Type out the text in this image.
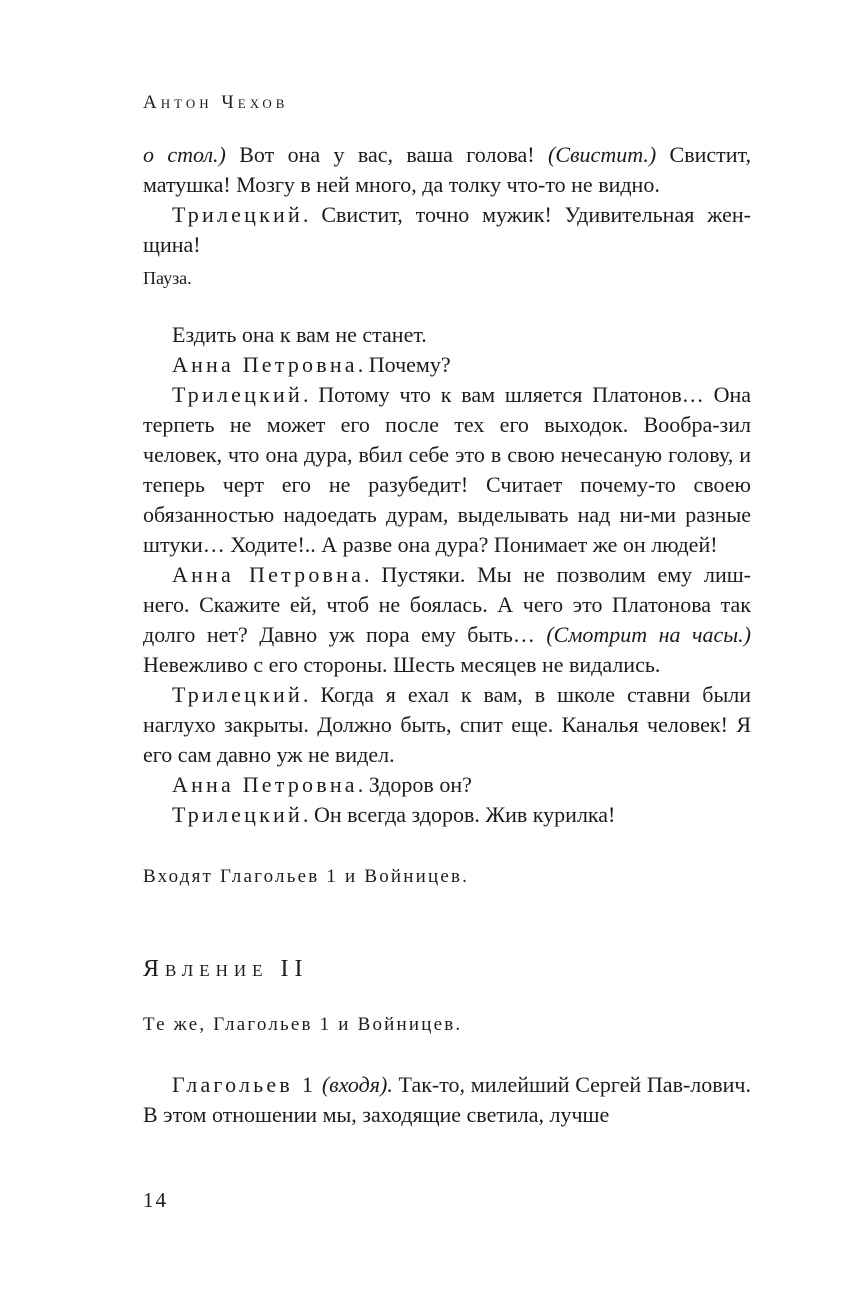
Антон Чехов

о стол.) Вот она у вас, ваша голова! (Свистит.) Свистит, матушка! Мозгу в ней много, да толку что-то не видно.

Трилецкий. Свистит, точно мужик! Удивительная жен-щина!

Пауза.

Ездить она к вам не станет.

Анна Петровна. Почему?

Трилецкий. Потому что к вам шляется Платонов… Она терпеть не может его после тех его выходок. Вообра-зил человек, что она дура, вбил себе это в свою нечесаную голову, и теперь черт его не разубедит! Считает почему-то своею обязанностью надоедать дурам, выделывать над ни-ми разные штуки… Ходите!.. А разве она дура? Понимает же он людей!

Анна Петровна. Пустяки. Мы не позволим ему лиш-него. Скажите ей, чтоб не боялась. А чего это Платонова так долго нет? Давно уж пора ему быть… (Смотрит на часы.) Невежливо с его стороны. Шесть месяцев не видались.

Трилецкий. Когда я ехал к вам, в школе ставни были наглухо закрыты. Должно быть, спит еще. Каналья человек! Я его сам давно уж не видел.

Анна Петровна. Здоров он?

Трилецкий. Он всегда здоров. Жив курилка!

Входят Глагольев 1 и Войницев.

Явление II

Те же, Глагольев 1 и Войницев.

Глагольев 1 (входя). Так-то, милейший Сергей Пав-лович. В этом отношении мы, заходящие светила, лучше

14
